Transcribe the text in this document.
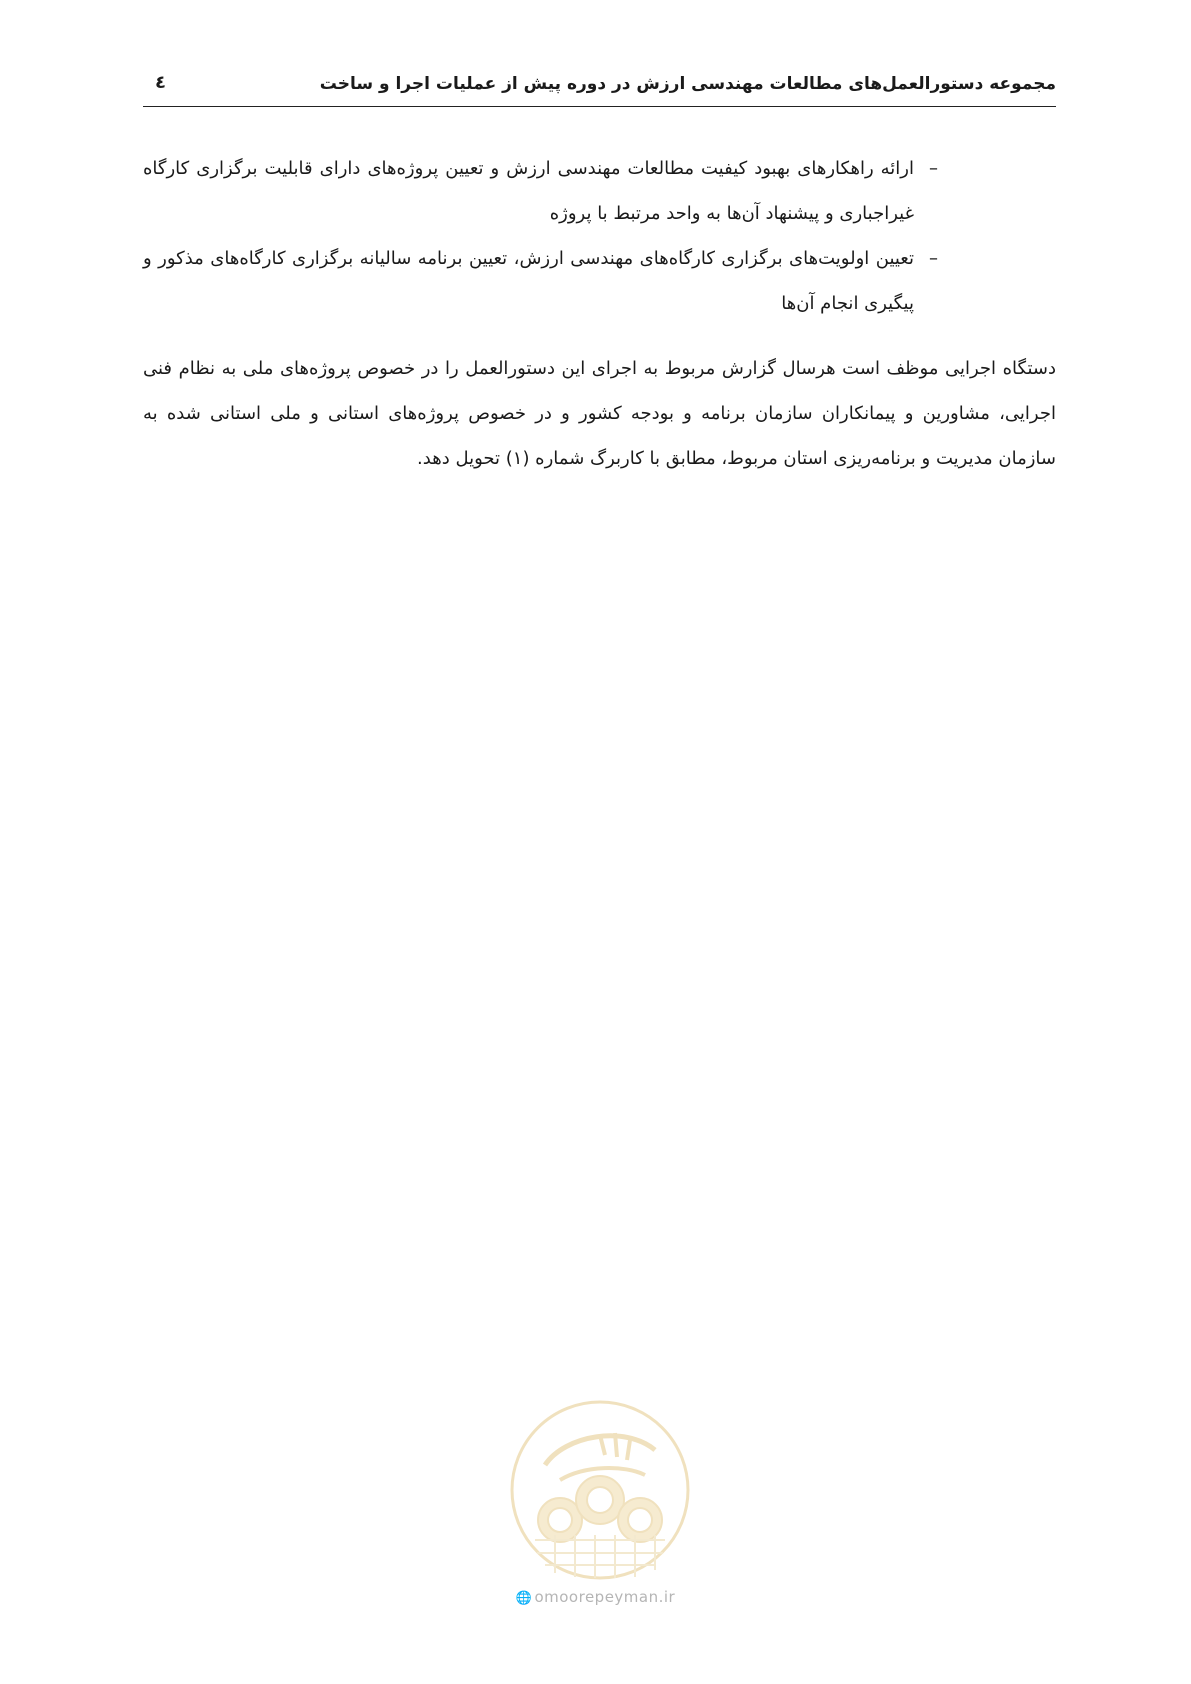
مجموعه دستورالعمل‌های مطالعات مهندسی ارزش در دوره پیش از عملیات اجرا و ساخت
٤
–
ارائه راهکارهای بهبود کیفیت مطالعات مهندسی ارزش و تعیین پروژه‌های دارای قابلیت برگزاری کارگاه غیراجباری و پیشنهاد آن‌ها به واحد مرتبط با پروژه
–
تعیین اولویت‌های برگزاری کارگاه‌های مهندسی ارزش، تعیین برنامه سالیانه برگزاری کارگاه‌های مذکور و پیگیری انجام آن‌ها

دستگاه اجرایی موظف است هرسال گزارش مربوط به اجرای این دستورالعمل را در خصوص پروژه‌های ملی به نظام فنی اجرایی، مشاورین و پیمانکاران سازمان برنامه و بودجه کشور و در خصوص پروژه‌های استانی و ملی استانی شده به سازمان مدیریت و برنامه‌ریزی استان مربوط، مطابق با کاربرگ شماره (١) تحویل دهد.

🌐 omoorepeyman.ir
